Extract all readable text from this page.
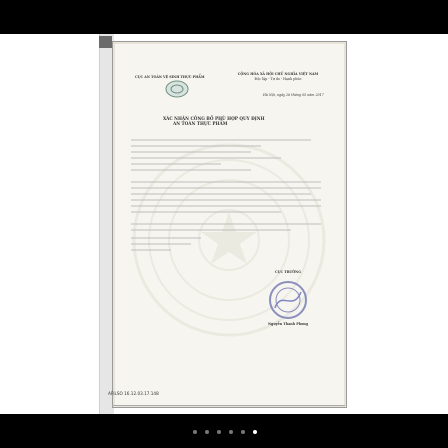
CỤC AN TOÀN VỆ SINH THỰC PHẨM
CỘNG HÒA XÃ HỘI CHỦ NGHĨA VIỆT NAM
Độc lập - Tự do - Hạnh phúc
Hà Nội, ngày 26 tháng 05 năm 2017
XÁC NHẬN CÔNG BỐ PHÙ HỢP QUY ĐỊNH
AN TOÀN THỰC PHẨM
CỤC TRƯỞNG
Nguyễn Thanh Phong
AFILSO 16.12.03.17.148
